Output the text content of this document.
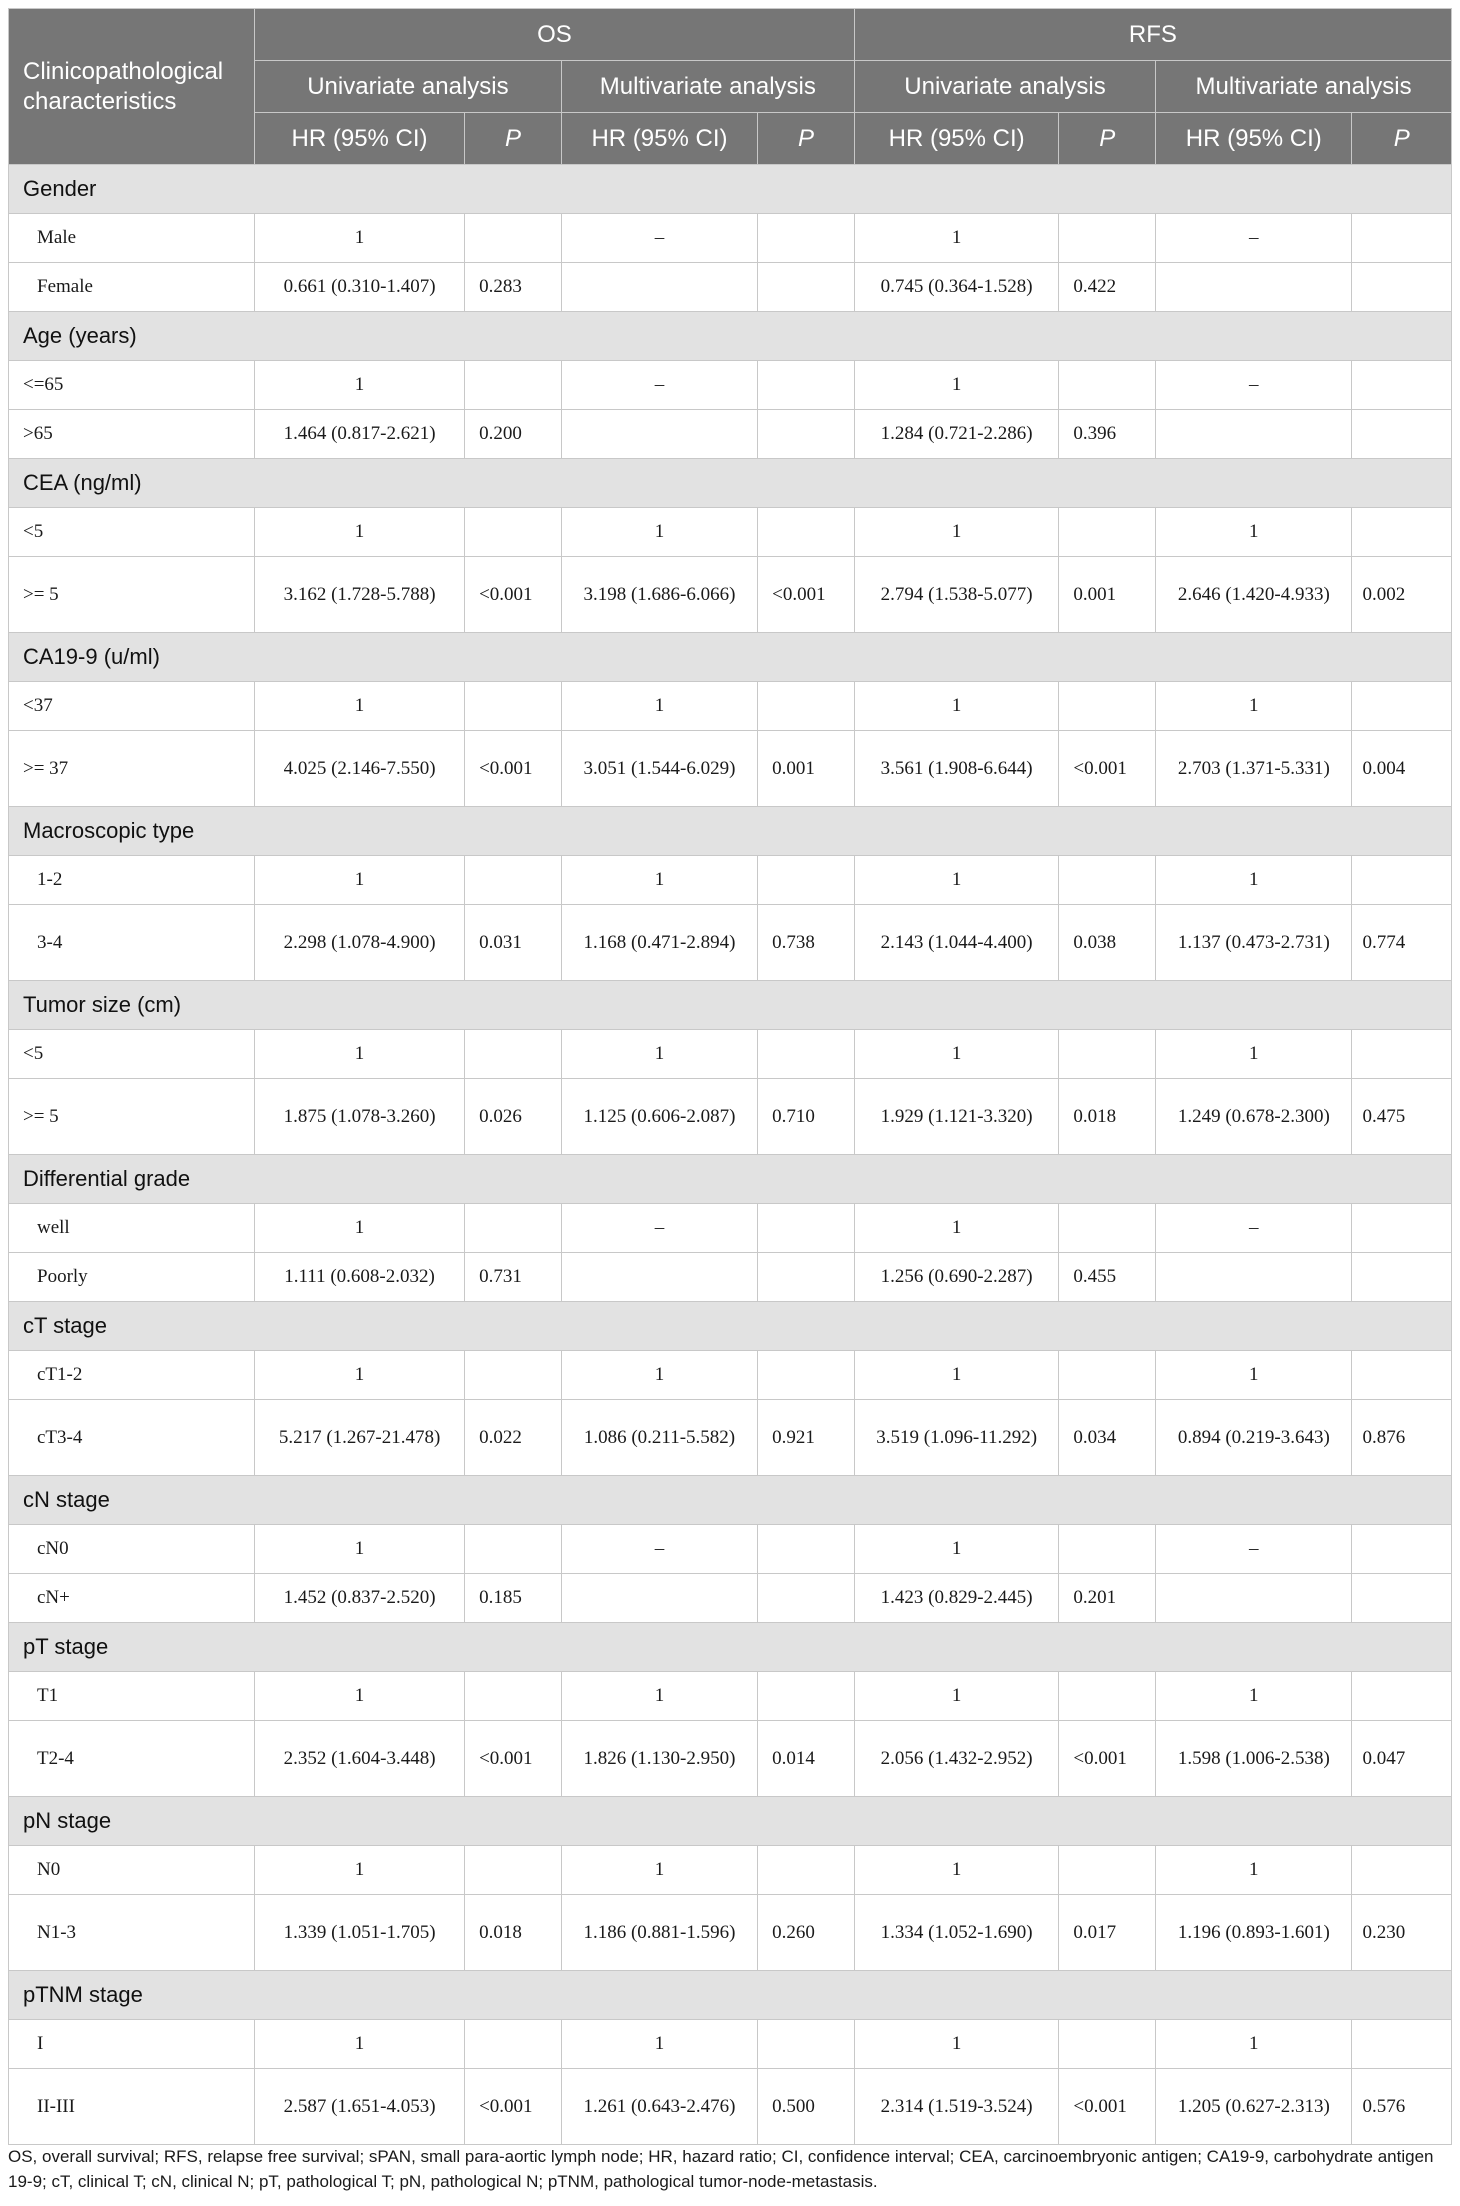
Clinicopathological characteristics	OS				RFS			
	Univariate analysis		Multivariate analysis		Univariate analysis		Multivariate analysis	
	HR (95% CI)	P	HR (95% CI)	P	HR (95% CI)	P	HR (95% CI)	P
Gender								
Male	1		–		1		–	
Female	0.661 (0.310-1.407)	0.283			0.745 (0.364-1.528)	0.422		
Age (years)								
<=65	1		–		1		–	
>65	1.464 (0.817-2.621)	0.200			1.284 (0.721-2.286)	0.396		
CEA (ng/ml)								
<5	1		1		1		1	
>= 5	3.162 (1.728-5.788)	<0.001	3.198 (1.686-6.066)	<0.001	2.794 (1.538-5.077)	0.001	2.646 (1.420-4.933)	0.002
CA19-9 (u/ml)								
<37	1		1		1		1	
>= 37	4.025 (2.146-7.550)	<0.001	3.051 (1.544-6.029)	0.001	3.561 (1.908-6.644)	<0.001	2.703 (1.371-5.331)	0.004
Macroscopic type								
1-2	1		1		1		1	
3-4	2.298 (1.078-4.900)	0.031	1.168 (0.471-2.894)	0.738	2.143 (1.044-4.400)	0.038	1.137 (0.473-2.731)	0.774
Tumor size (cm)								
<5	1		1		1		1	
>= 5	1.875 (1.078-3.260)	0.026	1.125 (0.606-2.087)	0.710	1.929 (1.121-3.320)	0.018	1.249 (0.678-2.300)	0.475
Differential grade								
well	1		–		1		–	
Poorly	1.111 (0.608-2.032)	0.731			1.256 (0.690-2.287)	0.455		
cT stage								
cT1-2	1		1		1		1	
cT3-4	5.217 (1.267-21.478)	0.022	1.086 (0.211-5.582)	0.921	3.519 (1.096-11.292)	0.034	0.894 (0.219-3.643)	0.876
cN stage								
cN0	1		–		1		–	
cN+	1.452 (0.837-2.520)	0.185			1.423 (0.829-2.445)	0.201		
pT stage								
T1	1		1		1		1	
T2-4	2.352 (1.604-3.448)	<0.001	1.826 (1.130-2.950)	0.014	2.056 (1.432-2.952)	<0.001	1.598 (1.006-2.538)	0.047
pN stage								
N0	1		1		1		1	
N1-3	1.339 (1.051-1.705)	0.018	1.186 (0.881-1.596)	0.260	1.334 (1.052-1.690)	0.017	1.196 (0.893-1.601)	0.230
pTNM stage								
I	1		1		1		1	
II-III	2.587 (1.651-4.053)	<0.001	1.261 (0.643-2.476)	0.500	2.314 (1.519-3.524)	<0.001	1.205 (0.627-2.313)	0.576
OS, overall survival; RFS, relapse free survival; sPAN, small para-aortic lymph node; HR, hazard ratio; CI, confidence interval; CEA, carcinoembryonic antigen; CA19-9, carbohydrate antigen 19-9; cT, clinical T; cN, clinical N; pT, pathological T; pN, pathological N; pTNM, pathological tumor-node-metastasis.
